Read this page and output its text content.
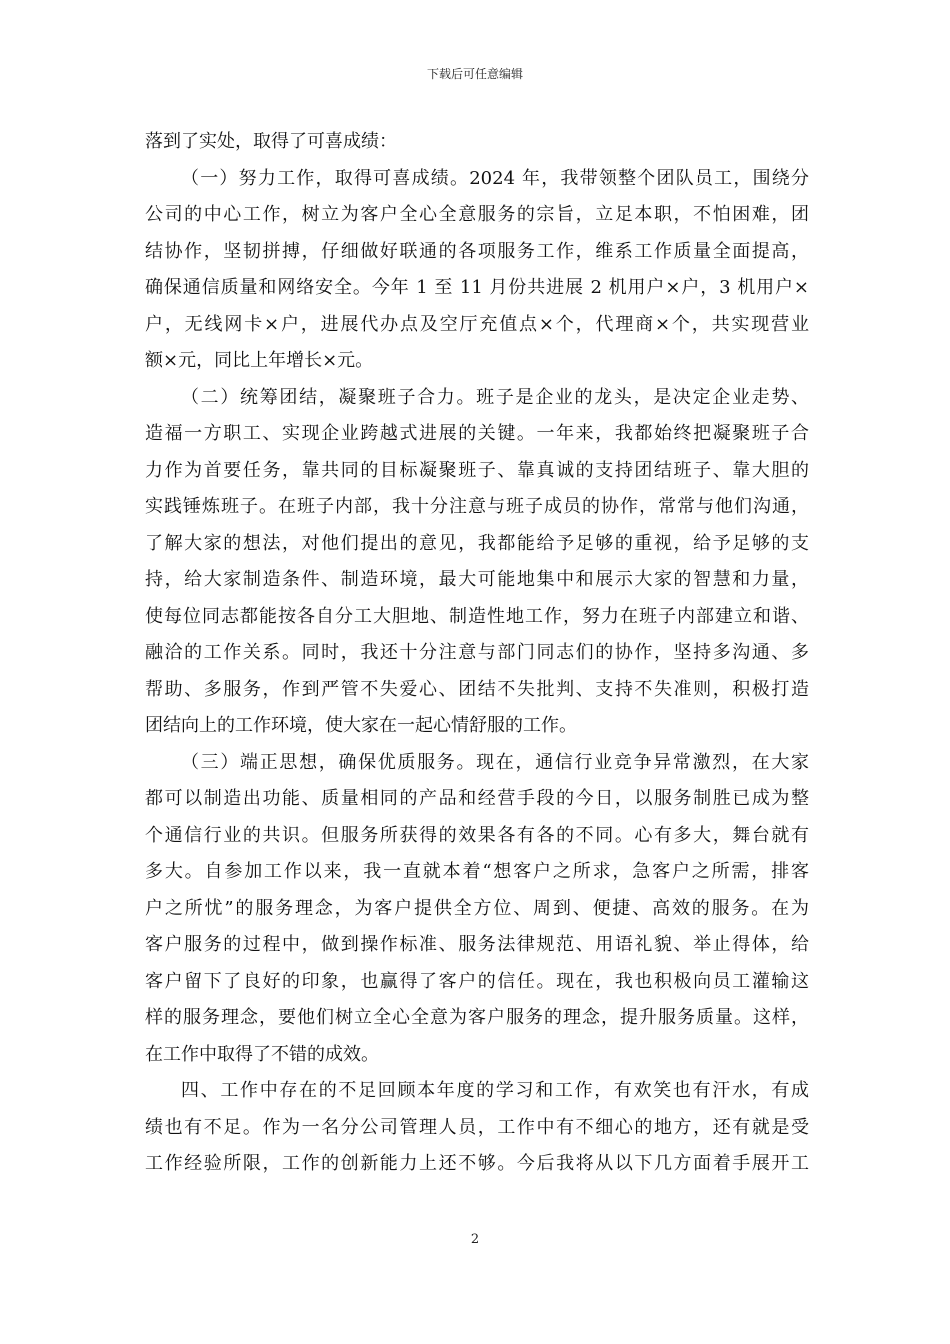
下载后可任意编辑
落到了实处，取得了可喜成绩：
（一）努力工作，取得可喜成绩。2024 年，我带领整个团队员工，围绕分
公司的中心工作，树立为客户全心全意服务的宗旨，立足本职，不怕困难，团
结协作，坚韧拼搏，仔细做好联通的各项服务工作，维系工作质量全面提高，
确保通信质量和网络安全。今年 1 至 11 月份共进展 2 机用户×户，3 机用户×
户，无线网卡×户，进展代办点及空厅充值点×个，代理商×个，共实现营业
额×元，同比上年增长×元。
（二）统筹团结，凝聚班子合力。班子是企业的龙头，是决定企业走势、
造福一方职工、实现企业跨越式进展的关键。一年来，我都始终把凝聚班子合
力作为首要任务，靠共同的目标凝聚班子、靠真诚的支持团结班子、靠大胆的
实践锤炼班子。在班子内部，我十分注意与班子成员的协作，常常与他们沟通，
了解大家的想法，对他们提出的意见，我都能给予足够的重视，给予足够的支
持，给大家制造条件、制造环境，最大可能地集中和展示大家的智慧和力量，
使每位同志都能按各自分工大胆地、制造性地工作，努力在班子内部建立和谐、
融洽的工作关系。同时，我还十分注意与部门同志们的协作，坚持多沟通、多
帮助、多服务，作到严管不失爱心、团结不失批判、支持不失准则，积极打造
团结向上的工作环境，使大家在一起心情舒服的工作。
（三）端正思想，确保优质服务。现在，通信行业竞争异常激烈，在大家
都可以制造出功能、质量相同的产品和经营手段的今日，以服务制胜已成为整
个通信行业的共识。但服务所获得的效果各有各的不同。心有多大，舞台就有
多大。自参加工作以来，我一直就本着“想客户之所求，急客户之所需，排客
户之所忧”的服务理念，为客户提供全方位、周到、便捷、高效的服务。在为
客户服务的过程中，做到操作标准、服务法律规范、用语礼貌、举止得体，给
客户留下了良好的印象，也赢得了客户的信任。现在，我也积极向员工灌输这
样的服务理念，要他们树立全心全意为客户服务的理念，提升服务质量。这样，
在工作中取得了不错的成效。
四、工作中存在的不足回顾本年度的学习和工作，有欢笑也有汗水，有成
绩也有不足。作为一名分公司管理人员，工作中有不细心的地方，还有就是受
工作经验所限，工作的创新能力上还不够。今后我将从以下几方面着手展开工
2
